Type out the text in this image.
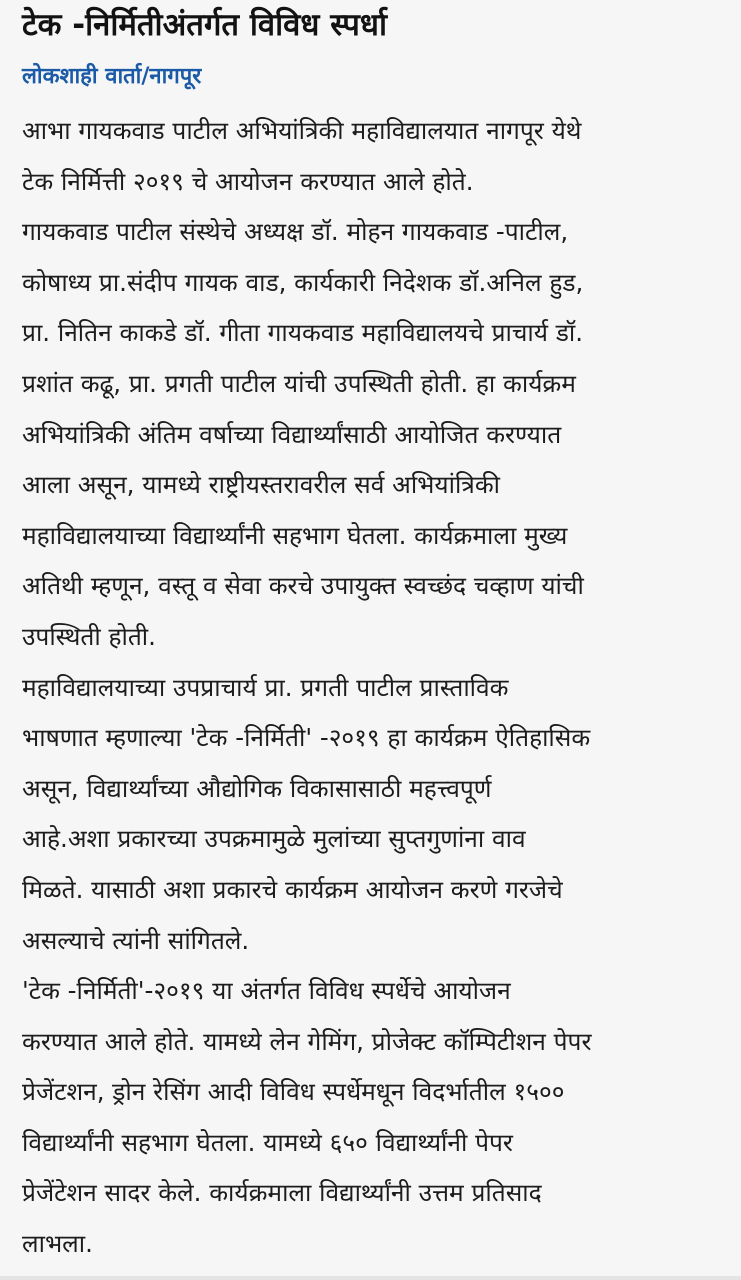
टेक -निर्मितीअंतर्गत विविध स्पर्धा
लोकशाही वार्ता/नागपूर
आभा गायकवाड पाटील अभियांत्रिकी महाविद्यालयात नागपूर येथे
टेक निर्मित्ती २०१९ चे आयोजन करण्यात आले होते.
गायकवाड पाटील संस्थेचे अध्यक्ष डॉ. मोहन गायकवाड -पाटील,
कोषाध्य प्रा.संदीप गायक वाड, कार्यकारी निदेशक डॉ.अनिल हुड,
प्रा. नितिन काकडे डॉ. गीता गायकवाड महाविद्यालयचे प्राचार्य डॉ.
प्रशांत कढू, प्रा. प्रगती पाटील यांची उपस्थिती होती. हा कार्यक्रम
अभियांत्रिकी अंतिम वर्षाच्या विद्यार्थ्यांसाठी आयोजित करण्यात
आला असून, यामध्ये राष्ट्रीयस्तरावरील सर्व अभियांत्रिकी
महाविद्यालयाच्या विद्यार्थ्यांनी सहभाग घेतला. कार्यक्रमाला मुख्य
अतिथी म्हणून, वस्तू व सेवा करचे उपायुक्त स्वच्छंद चव्हाण यांची
उपस्थिती होती.
महाविद्यालयाच्या उपप्राचार्य प्रा. प्रगती पाटील प्रास्ताविक
भाषणात म्हणाल्या 'टेक -निर्मिती' -२०१९ हा कार्यक्रम ऐतिहासिक
असून, विद्यार्थ्यांच्या औद्योगिक विकासासाठी महत्त्वपूर्ण
आहे.अशा प्रकारच्या उपक्रमामुळे मुलांच्या सुप्तगुणांना वाव
मिळते. यासाठी अशा प्रकारचे कार्यक्रम आयोजन करणे गरजेचे
असल्याचे त्यांनी सांगितले.
'टेक -निर्मिती'-२०१९ या अंतर्गत विविध स्पर्धेचे आयोजन
करण्यात आले होते. यामध्ये लेन गेमिंग, प्रोजेक्ट कॉम्पिटीशन पेपर
प्रेजेंटशन, ड्रोन रेसिंग आदी विविध स्पर्धेमधून विदर्भातील १५००
विद्यार्थ्यांनी सहभाग घेतला. यामध्ये ६५० विद्यार्थ्यांनी पेपर
प्रेजेंटेशन सादर केले. कार्यक्रमाला विद्यार्थ्यांनी उत्तम प्रतिसाद
लाभला.
